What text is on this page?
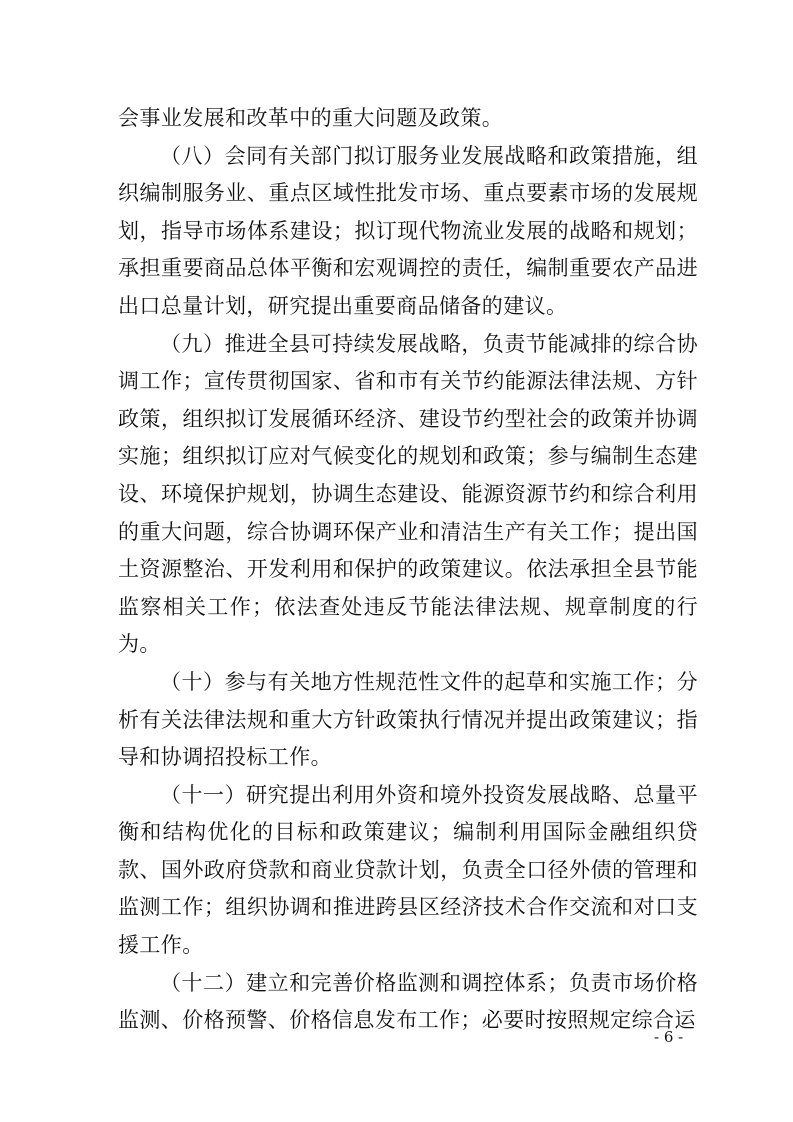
会事业发展和改革中的重大问题及政策。

（八）会同有关部门拟订服务业发展战略和政策措施，组织编制服务业、重点区域性批发市场、重点要素市场的发展规划，指导市场体系建设；拟订现代物流业发展的战略和规划；承担重要商品总体平衡和宏观调控的责任，编制重要农产品进出口总量计划，研究提出重要商品储备的建议。

（九）推进全县可持续发展战略，负责节能减排的综合协调工作；宣传贯彻国家、省和市有关节约能源法律法规、方针政策，组织拟订发展循环经济、建设节约型社会的政策并协调实施；组织拟订应对气候变化的规划和政策；参与编制生态建设、环境保护规划，协调生态建设、能源资源节约和综合利用的重大问题，综合协调环保产业和清洁生产有关工作；提出国土资源整治、开发利用和保护的政策建议。依法承担全县节能监察相关工作；依法查处违反节能法律法规、规章制度的行为。

（十）参与有关地方性规范性文件的起草和实施工作；分析有关法律法规和重大方针政策执行情况并提出政策建议；指导和协调招投标工作。

（十一）研究提出利用外资和境外投资发展战略、总量平衡和结构优化的目标和政策建议；编制利用国际金融组织贷款、国外政府贷款和商业贷款计划，负责全口径外债的管理和监测工作；组织协调和推进跨县区经济技术合作交流和对口支援工作。

（十二）建立和完善价格监测和调控体系；负责市场价格监测、价格预警、价格信息发布工作；必要时按照规定综合运

- 6 -
